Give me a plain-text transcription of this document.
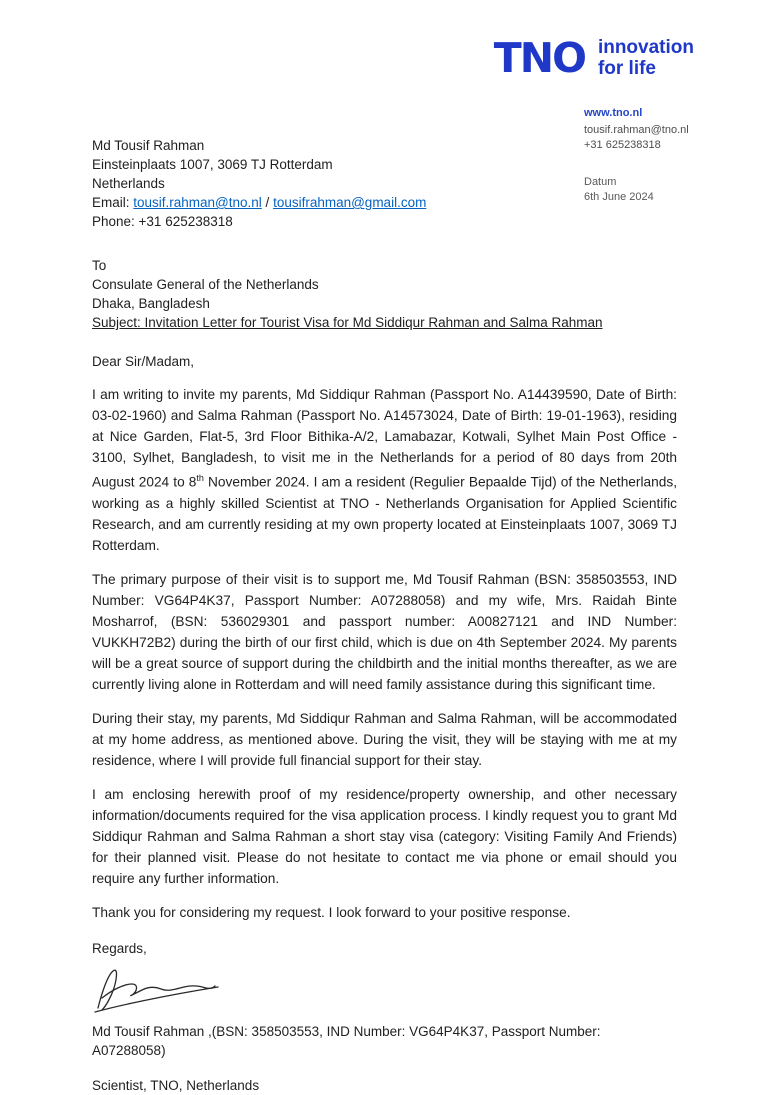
TNO innovation
for life
www.tno.nl
tousif.rahman@tno.nl
+31 625238318
Datum
6th June 2024
Md Tousif Rahman
Einsteinplaats 1007, 3069 TJ Rotterdam
Netherlands
Email: tousif.rahman@tno.nl / tousifrahman@gmail.com
Phone: +31 625238318
To
Consulate General of the Netherlands
Dhaka, Bangladesh
Subject: Invitation Letter for Tourist Visa for Md Siddiqur Rahman and Salma Rahman
Dear Sir/Madam,

I am writing to invite my parents, Md Siddiqur Rahman (Passport No. A14439590, Date of Birth: 03-02-1960) and Salma Rahman (Passport No. A14573024, Date of Birth: 19-01-1963), residing at Nice Garden, Flat-5, 3rd Floor Bithika-A/2, Lamabazar, Kotwali, Sylhet Main Post Office - 3100, Sylhet, Bangladesh, to visit me in the Netherlands for a period of 80 days from 20th August 2024 to 8th November 2024. I am a resident (Regulier Bepaalde Tijd) of the Netherlands, working as a highly skilled Scientist at TNO - Netherlands Organisation for Applied Scientific Research, and am currently residing at my own property located at Einsteinplaats 1007, 3069 TJ Rotterdam.

The primary purpose of their visit is to support me, Md Tousif Rahman (BSN: 358503553, IND Number: VG64P4K37, Passport Number: A07288058) and my wife, Mrs. Raidah Binte Mosharrof, (BSN: 536029301 and passport number: A00827121 and IND Number: VUKKH72B2) during the birth of our first child, which is due on 4th September 2024. My parents will be a great source of support during the childbirth and the initial months thereafter, as we are currently living alone in Rotterdam and will need family assistance during this significant time.

During their stay, my parents, Md Siddiqur Rahman and Salma Rahman, will be accommodated at my home address, as mentioned above. During the visit, they will be staying with me at my residence, where I will provide full financial support for their stay.

I am enclosing herewith proof of my residence/property ownership, and other necessary information/documents required for the visa application process. I kindly request you to grant Md Siddiqur Rahman and Salma Rahman a short stay visa (category: Visiting Family And Friends) for their planned visit. Please do not hesitate to contact me via phone or email should you require any further information.

Thank you for considering my request. I look forward to your positive response.

Regards,
Md Tousif Rahman ,(BSN: 358503553, IND Number: VG64P4K37, Passport Number: A07288058)
Scientist, TNO, Netherlands
